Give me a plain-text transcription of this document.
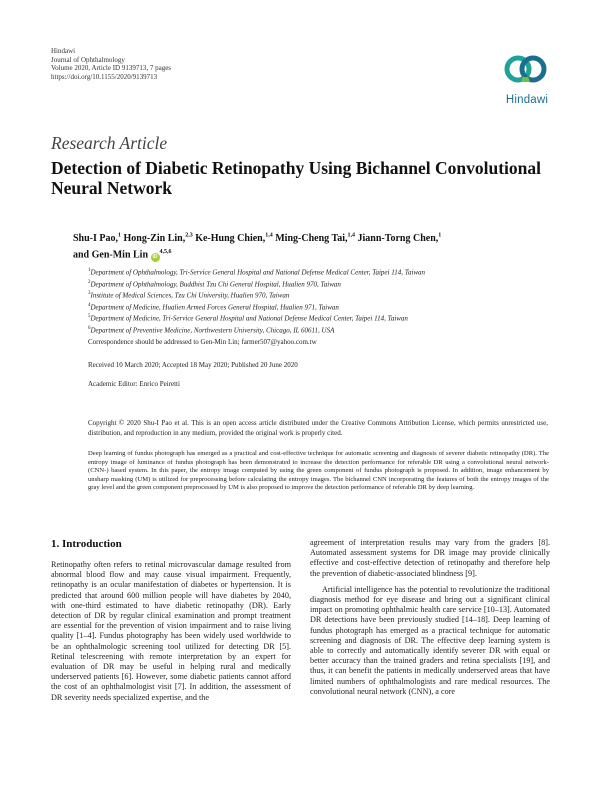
Hindawi
Journal of Ophthalmology
Volume 2020, Article ID 9139713, 7 pages
https://doi.org/10.1155/2020/9139713
Hindawi
Research Article
Detection of Diabetic Retinopathy Using Bichannel Convolutional Neural Network
Shu-I Pao,$^1$ Hong-Zin Lin,$^{2,3}$ Ke-Hung Chien,$^{1,4}$ Ming-Cheng Tai,$^{1,4}$ Jiann-Torng Chen,$^1$
and Gen-Min Lin iD$^{4,5,6}$
$^1$Department of Ophthalmology, Tri-Service General Hospital and National Defense Medical Center, Taipei 114, Taiwan
$^2$Department of Ophthalmology, Buddhist Tzu Chi General Hospital, Hualien 970, Taiwan
$^3$Institute of Medical Sciences, Tzu Chi University, Hualien 970, Taiwan
$^4$Department of Medicine, Hualien Armed Forces General Hospital, Hualien 971, Taiwan
$^5$Department of Medicine, Tri-Service General Hospital and National Defense Medical Center, Taipei 114, Taiwan
$^6$Department of Preventive Medicine, Northwestern University, Chicago, IL 60611, USA
Correspondence should be addressed to Gen-Min Lin; farmer507@yahoo.com.tw
Received 10 March 2020; Accepted 18 May 2020; Published 20 June 2020
Academic Editor: Enrico Peiretti
Copyright © 2020 Shu-I Pao et al. This is an open access article distributed under the Creative Commons Attribution License, which permits unrestricted use, distribution, and reproduction in any medium, provided the original work is properly cited.
Deep learning of fundus photograph has emerged as a practical and cost-effective technique for automatic screening and diagnosis of severer diabetic retinopathy (DR). The entropy image of luminance of fundus photograph has been demonstrated to increase the detection performance for referable DR using a convolutional neural network- (CNN-) based system. In this paper, the entropy image computed by using the green component of fundus photograph is proposed. In addition, image enhancement by unsharp masking (UM) is utilized for preprocessing before calculating the entropy images. The bichannel CNN incorporating the features of both the entropy images of the gray level and the green component preprocessed by UM is also proposed to improve the detection performance of referable DR by deep learning.
1. Introduction

Retinopathy often refers to retinal microvascular damage resulted from abnormal blood flow and may cause visual impairment. Frequently, retinopathy is an ocular manifestation of diabetes or hypertension. It is predicted that around 600 million people will have diabetes by 2040, with one-third estimated to have diabetic retinopathy (DR). Early detection of DR by regular clinical examination and prompt treatment are essential for the prevention of vision impairment and to raise living quality [1–4]. Fundus photography has been widely used worldwide to be an ophthalmologic screening tool utilized for detecting DR [5]. Retinal telescreening with remote interpretation by an expert for evaluation of DR may be useful in helping rural and medically underserved patients [6]. However, some diabetic patients cannot afford the cost of an ophthalmologist visit [7]. In addition, the assessment of DR severity needs specialized expertise, and the

agreement of interpretation results may vary from the graders [8]. Automated assessment systems for DR image may provide clinically effective and cost-effective detection of retinopathy and therefore help the prevention of diabetic-associated blindness [9].

Artificial intelligence has the potential to revolutionize the traditional diagnosis method for eye disease and bring out a significant clinical impact on promoting ophthalmic health care service [10–13]. Automated DR detections have been previously studied [14–18]. Deep learning of fundus photograph has emerged as a practical technique for automatic screening and diagnosis of DR. The effective deep learning system is able to correctly and automatically identify severer DR with equal or better accuracy than the trained graders and retina specialists [19], and thus, it can benefit the patients in medically underserved areas that have limited numbers of ophthalmologists and rare medical resources. The convolutional neural network (CNN), a core
